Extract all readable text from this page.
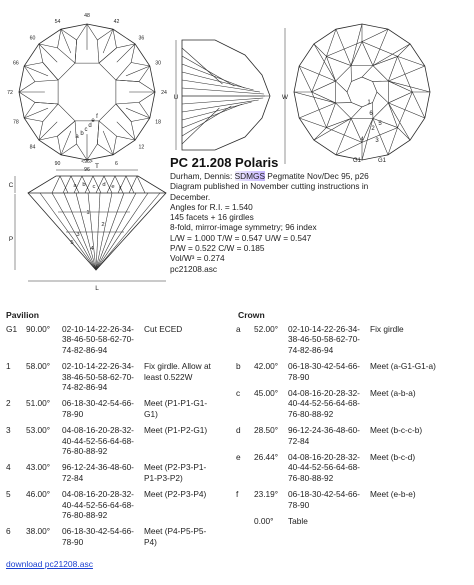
48
42
36
30
24
18
12
6
96
90
84
78
72
66
60
54
f
e
d
c
b
a
<96>
U	W
1
2
3
4
5
6
G1	G1
T
C
P
L
a b c d e f
1
2
3
4
5
PC 21.208 Polaris
Durham, Dennis: SDMGS Pegmatite Nov/Dec 95, p26
Diagram published in November cutting instructions in
December.
Angles for R.I. = 1.540
145 facets + 16 girdles
8-fold, mirror-image symmetry; 96 index
L/W = 1.000 T/W = 0.547 U/W = 0.547
P/W = 0.522 C/W = 0.185
Vol/W³ = 0.274
pc21208.asc
Pavilion	Crown
G1 90.00° 02-10-14-22-26-34-
38-46-50-58-62-70-
74-82-86-94
Cut ECED
1 58.00° 02-10-14-22-26-34-
38-46-50-58-62-70-
74-82-86-94
Fix girdle. Allow at
least 0.522W
2 51.00° 06-18-30-42-54-66-
78-90
Meet (P1-P1-G1-
G1)
3 53.00° 04-08-16-20-28-32-
40-44-52-56-64-68-
76-80-88-92
Meet (P1-P2-G1)
4 43.00° 96-12-24-36-48-60-
72-84
Meet (P2-P3-P1-
P1-P3-P2)
5 46.00° 04-08-16-20-28-32-
40-44-52-56-64-68-
76-80-88-92
Meet (P2-P3-P4)
6 38.00° 06-18-30-42-54-66-
78-90
Meet (P4-P5-P5-
P4)
a 52.00° 02-10-14-22-26-34-
38-46-50-58-62-70-
74-82-86-94
Fix girdle
b 42.00° 06-18-30-42-54-66-
78-90
Meet (a-G1-G1-a)
c 45.00° 04-08-16-20-28-32-
40-44-52-56-64-68-
76-80-88-92
Meet (a-b-a)
d 28.50° 96-12-24-36-48-60-
72-84
Meet (b-c-c-b)
e 26.44° 04-08-16-20-28-32-
40-44-52-56-64-68-
76-80-88-92
Meet (b-c-d)
f 23.19° 06-18-30-42-54-66-
78-90
Meet (e-b-e)
0.00° Table
download pc21208.asc
